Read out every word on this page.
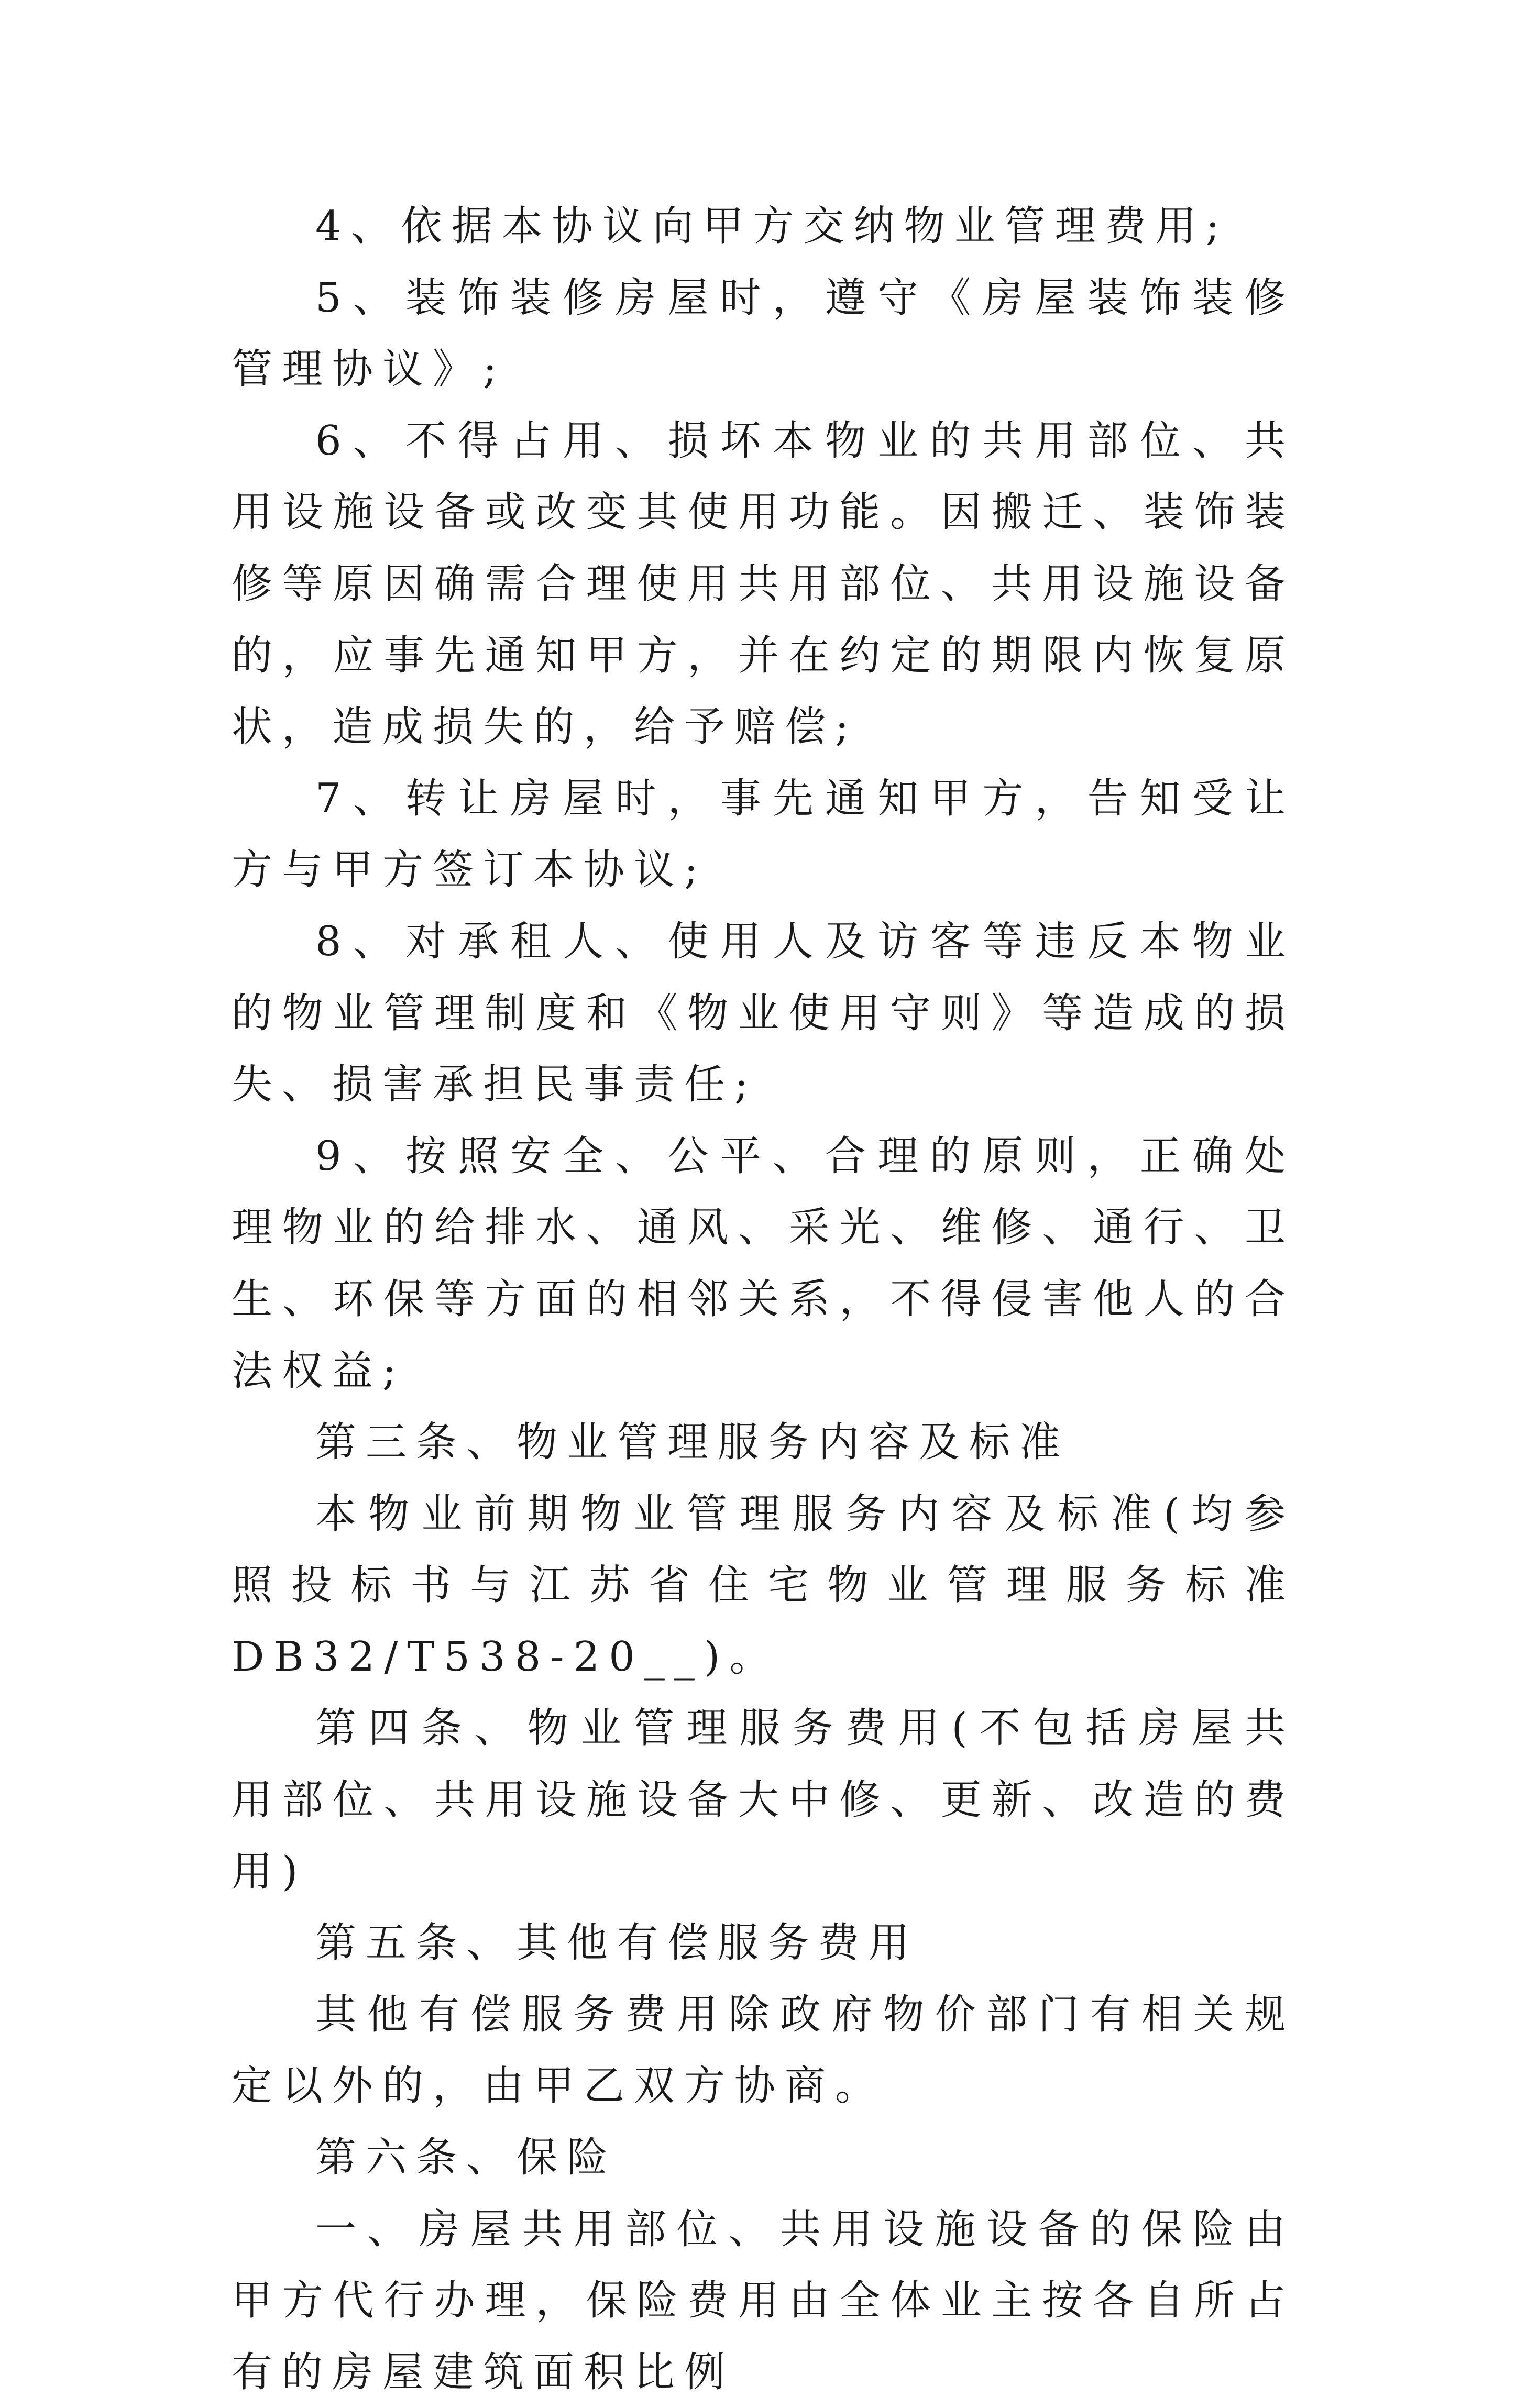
4、依据本协议向甲方交纳物业管理费用;

5、装饰装修房屋时，遵守《房屋装饰装修管理协议》;

6、不得占用、损坏本物业的共用部位、共用设施设备或改变其使用功能。因搬迁、装饰装修等原因确需合理使用共用部位、共用设施设备的，应事先通知甲方，并在约定的期限内恢复原状，造成损失的，给予赔偿;

7、转让房屋时，事先通知甲方，告知受让方与甲方签订本协议;

8、对承租人、使用人及访客等违反本物业的物业管理制度和《物业使用守则》等造成的损失、损害承担民事责任;

9、按照安全、公平、合理的原则，正确处理物业的给排水、通风、采光、维修、通行、卫生、环保等方面的相邻关系，不得侵害他人的合法权益;

第三条、物业管理服务内容及标准

本物业前期物业管理服务内容及标准(均参照投标书与江苏省住宅物业管理服务标准DB32/T538-20__)。

第四条、物业管理服务费用(不包括房屋共用部位、共用设施设备大中修、更新、改造的费用)

第五条、其他有偿服务费用

其他有偿服务费用除政府物价部门有相关规定以外的，由甲乙双方协商。

第六条、保险

一、房屋共用部位、共用设施设备的保险由甲方代行办理，保险费用由全体业主按各自所占有的房屋建筑面积比例
